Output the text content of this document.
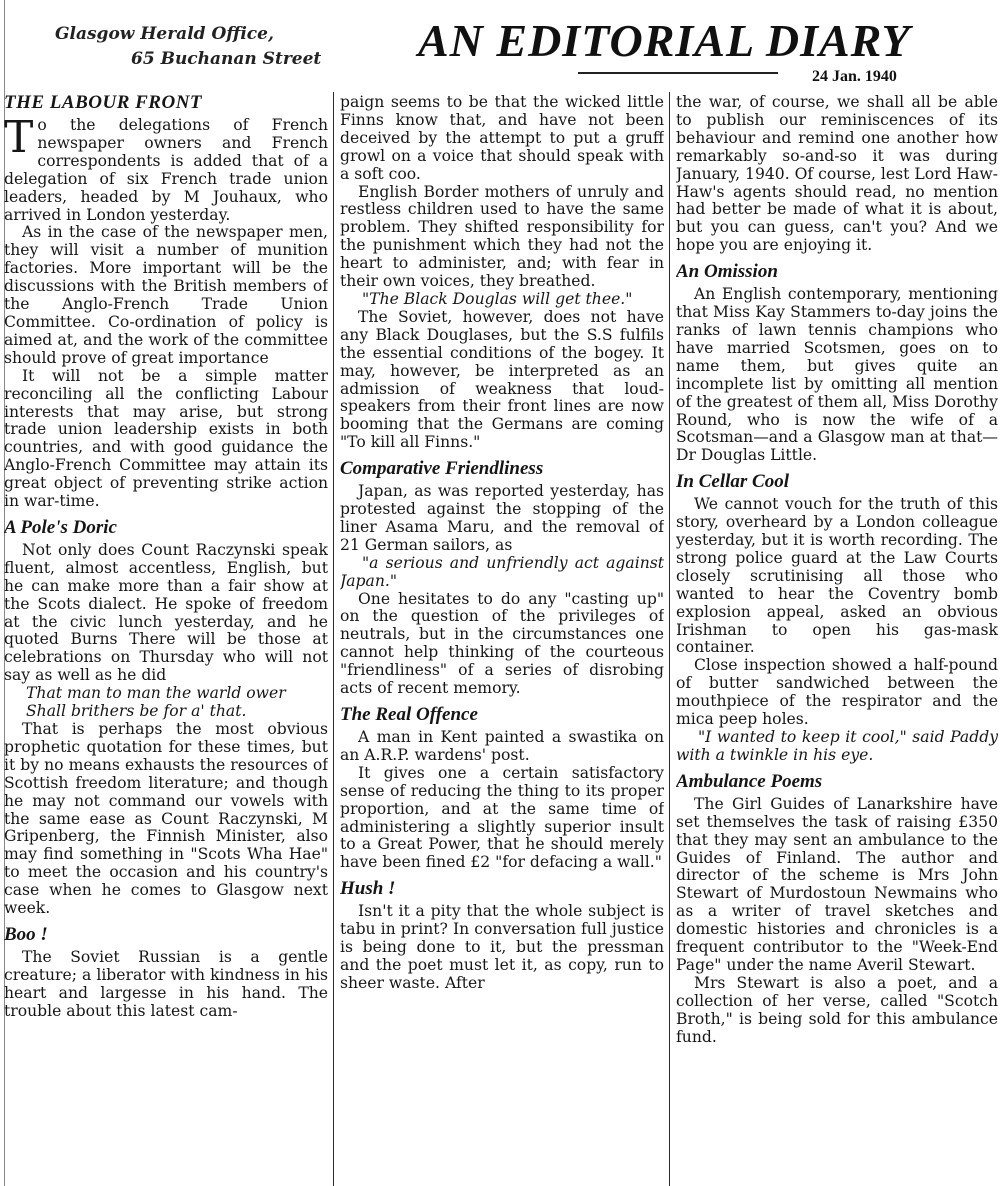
Glasgow Herald Office,
65 Buchanan Street AN EDITORIAL DIARY
24 Jan. 1940
THE LABOUR FRONT

To the delegations of French newspaper owners and French correspondents is added that of a delegation of six French trade union leaders, headed by M Jouhaux, who arrived in London yesterday.

As in the case of the newspaper men, they will visit a number of munition factories. More important will be the discussions with the British members of the Anglo-French Trade Union Committee. Co-ordination of policy is aimed at, and the work of the committee should prove of great importance

It will not be a simple matter reconciling all the conflicting Labour interests that may arise, but strong trade union leadership exists in both countries, and with good guidance the Anglo-French Committee may attain its great object of preventing strike action in war-time.

A Pole's Doric

Not only does Count Raczynski speak fluent, almost accentless, English, but he can make more than a fair show at the Scots dialect. He spoke of freedom at the civic lunch yesterday, and he quoted Burns There will be those at celebrations on Thursday who will not say as well as he did

That man to man the warld ower

Shall brithers be for a' that.

That is perhaps the most obvious prophetic quotation for these times, but it by no means exhausts the resources of Scottish freedom literature; and though he may not command our vowels with the same ease as Count Raczynski, M Gripenberg, the Finnish Minister, also may find something in "Scots Wha Hae" to meet the occasion and his country's case when he comes to Glasgow next week.

Boo !

The Soviet Russian is a gentle creature; a liberator with kindness in his heart and largesse in his hand. The trouble about this latest cam-

paign seems to be that the wicked little Finns know that, and have not been deceived by the attempt to put a gruff growl on a voice that should speak with a soft coo.

English Border mothers of unruly and restless children used to have the same problem. They shifted responsibility for the punishment which they had not the heart to administer, and; with fear in their own voices, they breathed.

"The Black Douglas will get thee."

The Soviet, however, does not have any Black Douglases, but the S.S fulfils the essential conditions of the bogey. It may, however, be interpreted as an admission of weakness that loud-speakers from their front lines are now booming that the Germans are coming "To kill all Finns."

Comparative Friendliness

Japan, as was reported yesterday, has protested against the stopping of the liner Asama Maru, and the removal of 21 German sailors, as

"a serious and unfriendly act against Japan."

One hesitates to do any "casting up" on the question of the privileges of neutrals, but in the circumstances one cannot help thinking of the courteous "friendliness" of a series of disrobing acts of recent memory.

The Real Offence

A man in Kent painted a swastika on an A.R.P. wardens' post.

It gives one a certain satisfactory sense of reducing the thing to its proper proportion, and at the same time of administering a slightly superior insult to a Great Power, that he should merely have been fined £2 "for defacing a wall."

Hush !

Isn't it a pity that the whole subject is tabu in print? In conversation full justice is being done to it, but the pressman and the poet must let it, as copy, run to sheer waste. After

the war, of course, we shall all be able to publish our reminiscences of its behaviour and remind one another how remarkably so-and-so it was during January, 1940. Of course, lest Lord Haw-Haw's agents should read, no mention had better be made of what it is about, but you can guess, can't you? And we hope you are enjoying it.

An Omission

An English contemporary, mentioning that Miss Kay Stammers to-day joins the ranks of lawn tennis champions who have married Scotsmen, goes on to name them, but gives quite an incomplete list by omitting all mention of the greatest of them all, Miss Dorothy Round, who is now the wife of a Scotsman—and a Glasgow man at that—Dr Douglas Little.

In Cellar Cool

We cannot vouch for the truth of this story, overheard by a London colleague yesterday, but it is worth recording. The strong police guard at the Law Courts closely scrutinising all those who wanted to hear the Coventry bomb explosion appeal, asked an obvious Irishman to open his gas-mask container.

Close inspection showed a half-pound of butter sandwiched between the mouthpiece of the respirator and the mica peep holes.

"I wanted to keep it cool," said Paddy with a twinkle in his eye.

Ambulance Poems

The Girl Guides of Lanarkshire have set themselves the task of raising £350 that they may sent an ambulance to the Guides of Finland. The author and director of the scheme is Mrs John Stewart of Murdostoun Newmains who as a writer of travel sketches and domestic histories and chronicles is a frequent contributor to the "Week-End Page" under the name Averil Stewart.

Mrs Stewart is also a poet, and a collection of her verse, called "Scotch Broth," is being sold for this ambulance fund.
